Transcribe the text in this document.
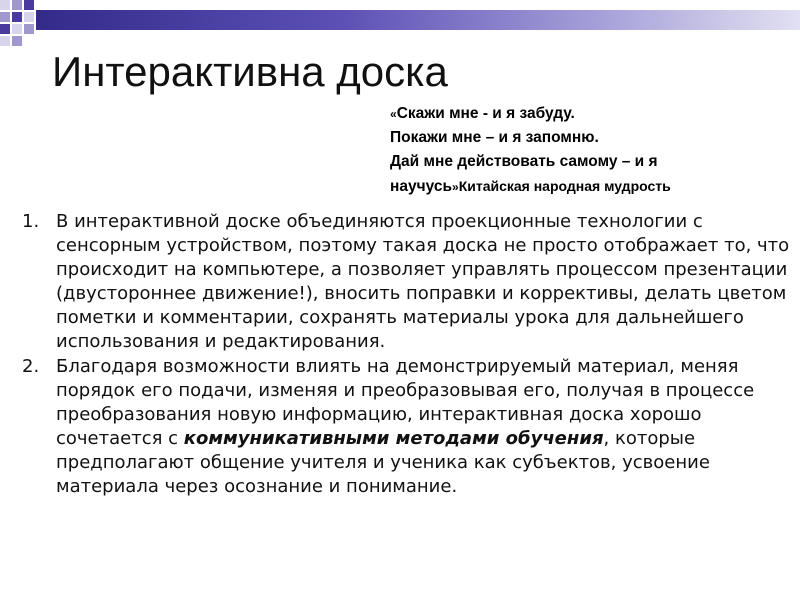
Интерактивна доска
«Скажи мне - и я забуду.
Покажи мне – и я запомню.
Дай мне действовать самому – и я
научусь»Китайская народная мудрость
1. В интерактивной доске объединяются проекционные технологии с сенсорным устройством, поэтому такая доска не просто отображает то, что происходит на компьютере, а позволяет управлять процессом презентации (двустороннее движение!), вносить поправки и коррективы, делать цветом пометки и комментарии, сохранять материалы урока для дальнейшего использования и редактирования.
2. Благодаря возможности влиять на демонстрируемый материал, меняя порядок его подачи, изменяя и преобразовывая его, получая в процессе преобразования новую информацию, интерактивная доска хорошо сочетается с коммуникативными методами обучения, которые предполагают общение учителя и ученика как субъектов, усвоение материала через осознание и понимание.
